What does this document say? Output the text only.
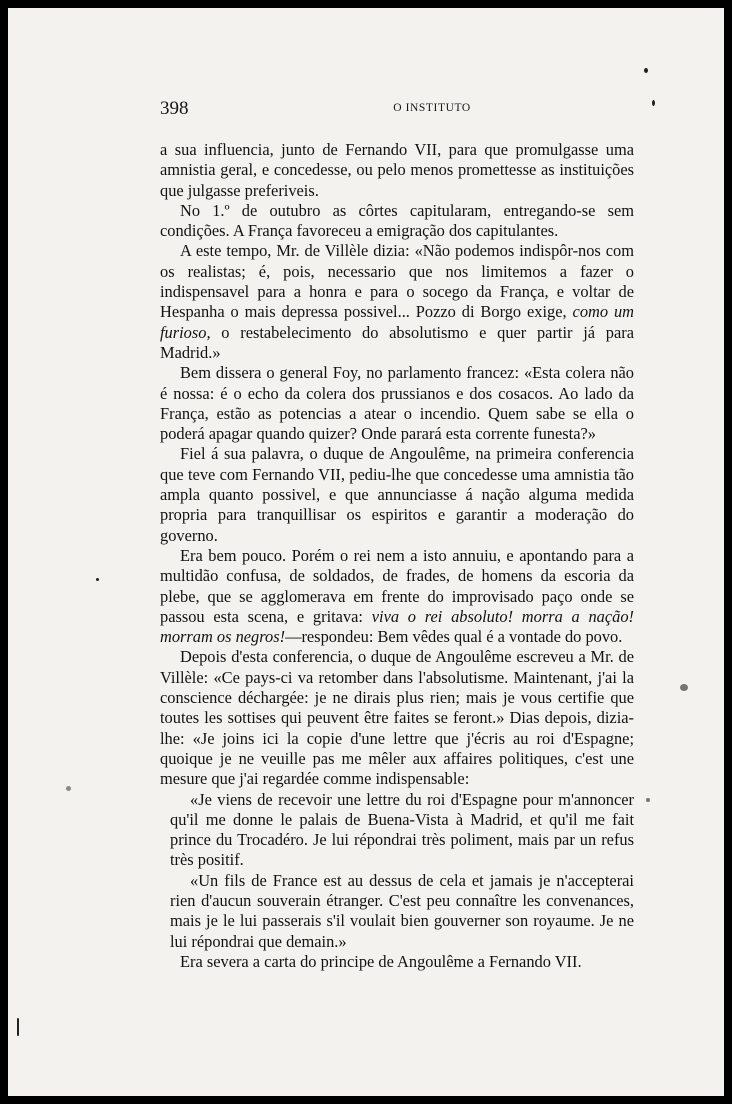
398	O INSTITUTO

a sua influencia, junto de Fernando VII, para que promulgasse uma amnistia geral, e concedesse, ou pelo menos promettesse as instituições que julgasse preferiveis.

No 1.º de outubro as côrtes capitularam, entregando-se sem condições. A França favoreceu a emigração dos capitulantes.

A este tempo, Mr. de Villèle dizia: «Não podemos indispôr-nos com os realistas; é, pois, necessario que nos limitemos a fazer o indispensavel para a honra e para o socego da França, e voltar de Hespanha o mais depressa possivel... Pozzo di Borgo exige, como um furioso, o restabelecimento do absolutismo e quer partir já para Madrid.»

Bem dissera o general Foy, no parlamento francez: «Esta colera não é nossa: é o echo da colera dos prussianos e dos cosacos. Ao lado da França, estão as potencias a atear o incendio. Quem sabe se ella o poderá apagar quando quizer? Onde parará esta corrente funesta?»

Fiel á sua palavra, o duque de Angoulême, na primeira conferencia que teve com Fernando VII, pediu-lhe que concedesse uma amnistia tão ampla quanto possivel, e que annunciasse á nação alguma medida propria para tranquillisar os espiritos e garantir a moderação do governo.

Era bem pouco. Porém o rei nem a isto annuiu, e apontando para a multidão confusa, de soldados, de frades, de homens da escoria da plebe, que se agglomerava em frente do improvisado paço onde se passou esta scena, e gritava: viva o rei absoluto! morra a nação! morram os negros!—respondeu: Bem vêdes qual é a vontade do povo.

Depois d'esta conferencia, o duque de Angoulême escreveu a Mr. de Villèle: «Ce pays-ci va retomber dans l'absolutisme. Maintenant, j'ai la conscience déchargée: je ne dirais plus rien; mais je vous certifie que toutes les sottises qui peuvent être faites se feront.» Dias depois, dizia-lhe: «Je joins ici la copie d'une lettre que j'écris au roi d'Espagne; quoique je ne veuille pas me mêler aux affaires politiques, c'est une mesure que j'ai regardée comme indispensable:

«Je viens de recevoir une lettre du roi d'Espagne pour m'annoncer qu'il me donne le palais de Buena-Vista à Madrid, et qu'il me fait prince du Trocadéro. Je lui répondrai très poliment, mais par un refus très positif.

«Un fils de France est au dessus de cela et jamais je n'accepterai rien d'aucun souverain étranger. C'est peu connaître les convenances, mais je le lui passerais s'il voulait bien gouverner son royaume. Je ne lui répondrai que demain.»

Era severa a carta do principe de Angoulême a Fernando VII.
